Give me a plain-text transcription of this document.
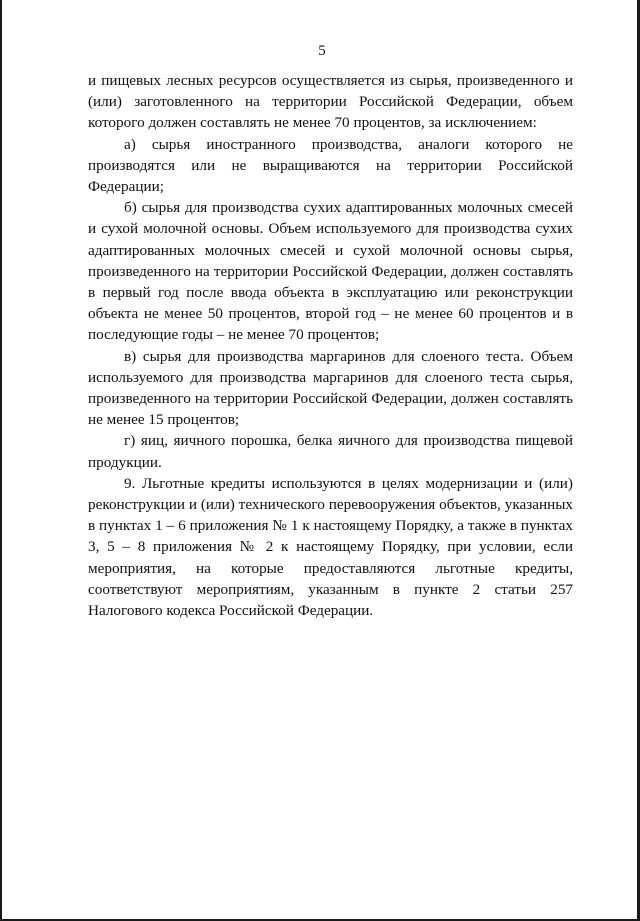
5

и пищевых лесных ресурсов осуществляется из сырья, произведенного и (или) заготовленного на территории Российской Федерации, объем которого должен составлять не менее 70 процентов, за исключением:

а) сырья иностранного производства, аналоги которого не производятся или не выращиваются на территории Российской Федерации;

б) сырья для производства сухих адаптированных молочных смесей и сухой молочной основы. Объем используемого для производства сухих адаптированных молочных смесей и сухой молочной основы сырья, произведенного на территории Российской Федерации, должен составлять в первый год после ввода объекта в эксплуатацию или реконструкции объекта не менее 50 процентов, второй год – не менее 60 процентов и в последующие годы – не менее 70 процентов;

в) сырья для производства маргаринов для слоеного теста. Объем используемого для производства маргаринов для слоеного теста сырья, произведенного на территории Российской Федерации, должен составлять не менее 15 процентов;

г) яиц, яичного порошка, белка яичного для производства пищевой продукции.

9. Льготные кредиты используются в целях модернизации и (или) реконструкции и (или) технического перевооружения объектов, указанных в пунктах 1 – 6 приложения № 1 к настоящему Порядку, а также в пунктах 3, 5 – 8 приложения № 2 к настоящему Порядку, при условии, если мероприятия, на которые предоставляются льготные кредиты, соответствуют мероприятиям, указанным в пункте 2 статьи 257 Налогового кодекса Российской Федерации.
